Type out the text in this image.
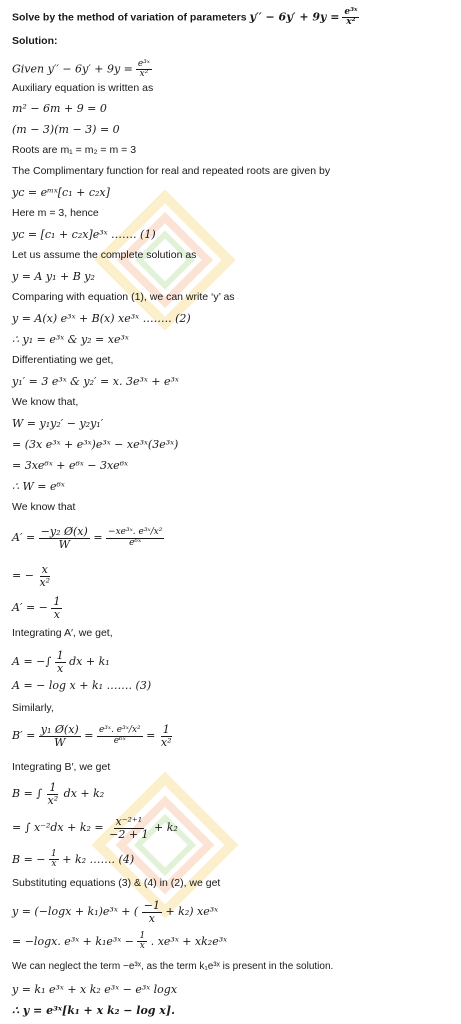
Solve by the method of variation of parameters $y'' - 6y' + 9y = \frac{\text{e³ˣ}}{\text{x²}}$
Solution:
Given $y'' - 6y' + 9y = \frac{\text{e³ˣ}}{\text{x²}}$
Auxiliary equation is written as
m² − 6m + 9 = 0
(m − 3)(m − 3) = 0
Roots are m₁ = m₂ = m = 3
The Complimentary function for real and repeated roots are given by
yᴄ = eᵐˣ[c₁ + c₂x]
Here m = 3, hence
yᴄ = [c₁ + c₂x]e³ˣ ……. (1)
Let us assume the complete solution as
y = A y₁ + B y₂
Comparing with equation (1), we can write ‘y’ as
y = A(x) e³ˣ + B(x) xe³ˣ …….. (2)
∴ y₁ = e³ˣ & y₂ = xe³ˣ
Differentiating we get,
y₁′ = 3 e³ˣ & y₂′ = x. 3e³ˣ + e³ˣ
We know that,
W = y₁y₂′ − y₂y₁′
= (3x e³ˣ + e³ˣ)e³ˣ − xe³ˣ(3e³ˣ)
= 3xe⁶ˣ + e⁶ˣ − 3xe⁶ˣ
∴ W = e⁶ˣ
We know that
$A' = \frac{\text{−y₂ Ø(x)}}{W} = \frac{\text{−xe³ˣ. e³ˣ/x²}}{\text{e⁶ˣ}}$
= − $\frac{x}{\text{x²}}$
A′ = − $\frac{1}{x}$
Integrating A′, we get,
A = −∫ $\frac{1}{x}$ dx + k₁
A = − log x + k₁ ……. (3)
Similarly,
$B' = \frac{\text{y₁ Ø(x)}}{W} = \frac{\text{e³ˣ. e³ˣ/x²}}{\text{e⁶ˣ}} = \frac{1}{\text{x²}}$
Integrating B′, we get
B = ∫ $\frac{1}{\text{x²}}$ dx + k₂
= ∫ $x^{-2}dx + k_2 = \frac{\text{x⁻²⁺¹}}{-2 + 1} + k_2$
B = − $\frac{1}{x} + k_2$ ……. (4)
Substituting equations (3) & (4) in (2), we get
y = (−logx + k₁)e³ˣ + ( $\frac{-1}{x} + k_2$) xe³ˣ
= −logx. e³ˣ + k₁e³ˣ − $\frac{1}{x}$ . xe³ˣ + xk₂e³ˣ
We can neglect the term −e³ˣ, as the term k₁e³ˣ is present in the solution.
y = k₁ e³ˣ + x k₂ e³ˣ − e³ˣ logx
∴ y = e³ˣ[k₁ + x k₂ − log x].
